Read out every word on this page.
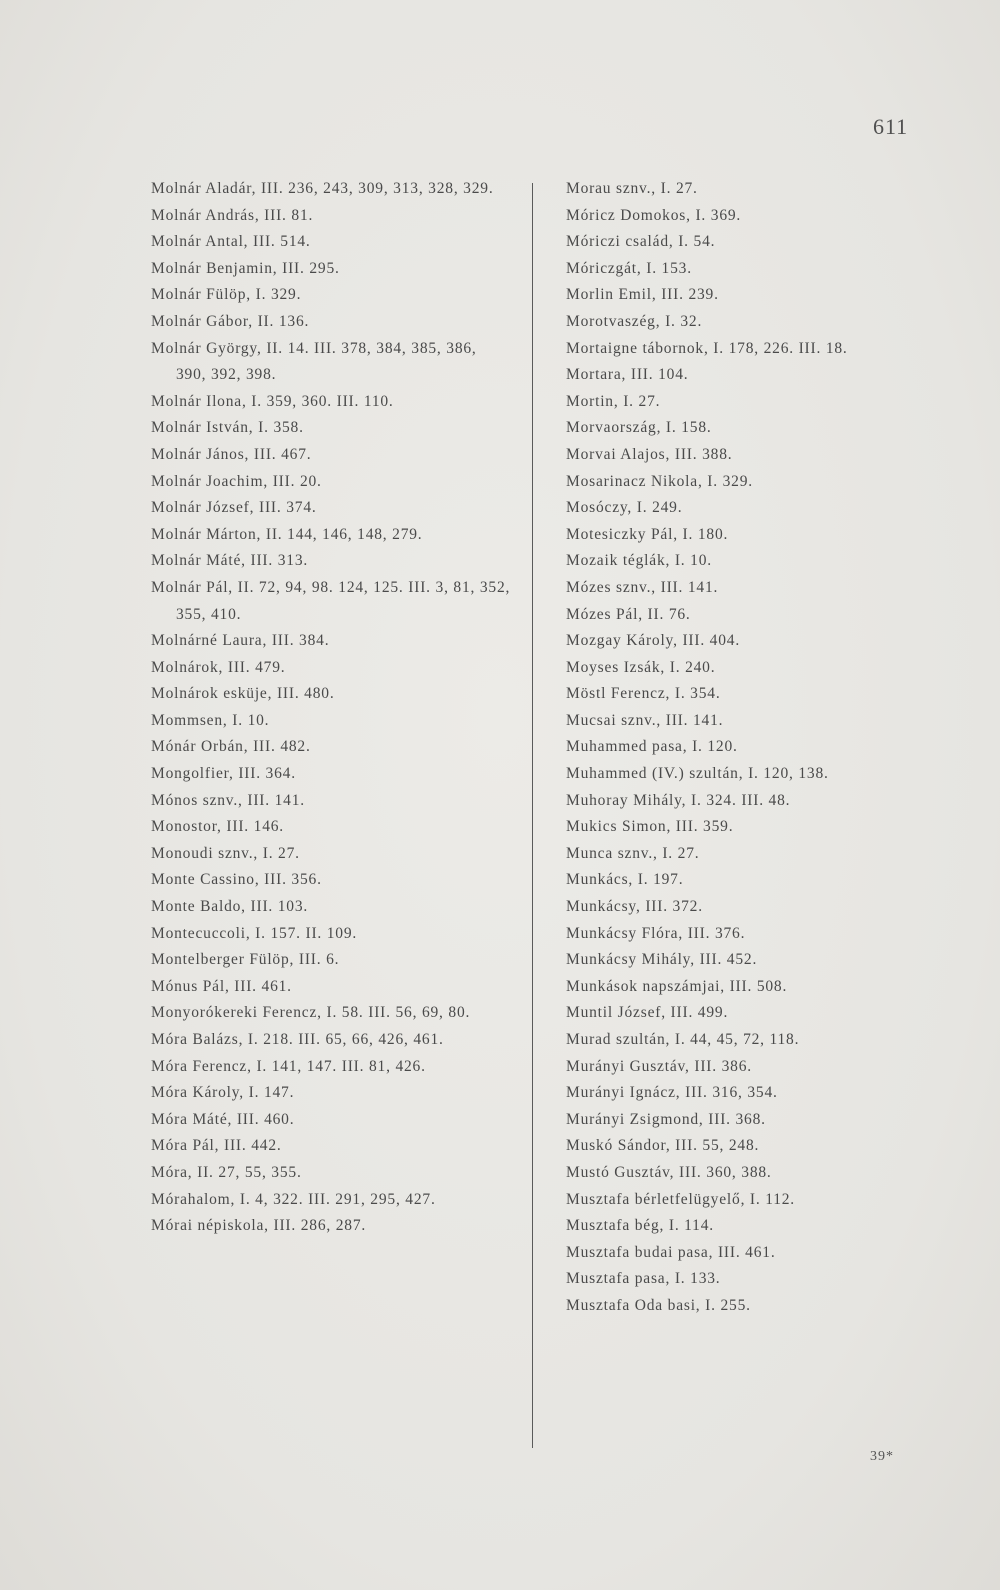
611
Molnár Aladár, III. 236, 243, 309, 313, 328, 329.
Molnár András, III. 81.
Molnár Antal, III. 514.
Molnár Benjamin, III. 295.
Molnár Fülöp, I. 329.
Molnár Gábor, II. 136.
Molnár György, II. 14. III. 378, 384, 385, 386, 390, 392, 398.
Molnár Ilona, I. 359, 360. III. 110.
Molnár István, I. 358.
Molnár János, III. 467.
Molnár Joachim, III. 20.
Molnár József, III. 374.
Molnár Márton, II. 144, 146, 148, 279.
Molnár Máté, III. 313.
Molnár Pál, II. 72, 94, 98. 124, 125. III. 3, 81, 352, 355, 410.
Molnárné Laura, III. 384.
Molnárok, III. 479.
Molnárok esküje, III. 480.
Mommsen, I. 10.
Mónár Orbán, III. 482.
Mongolfier, III. 364.
Mónos sznv., III. 141.
Monostor, III. 146.
Monoudi sznv., I. 27.
Monte Cassino, III. 356.
Monte Baldo, III. 103.
Montecuccoli, I. 157. II. 109.
Montelberger Fülöp, III. 6.
Mónus Pál, III. 461.
Monyorókereki Ferencz, I. 58. III. 56, 69, 80.
Móra Balázs, I. 218. III. 65, 66, 426, 461.
Móra Ferencz, I. 141, 147. III. 81, 426.
Móra Károly, I. 147.
Móra Máté, III. 460.
Móra Pál, III. 442.
Móra, II. 27, 55, 355.
Mórahalom, I. 4, 322. III. 291, 295, 427.
Mórai népiskola, III. 286, 287.
Morau sznv., I. 27.
Móricz Domokos, I. 369.
Móriczi család, I. 54.
Móriczgát, I. 153.
Morlin Emil, III. 239.
Morotvaszég, I. 32.
Mortaigne tábornok, I. 178, 226. III. 18.
Mortara, III. 104.
Mortin, I. 27.
Morvaország, I. 158.
Morvai Alajos, III. 388.
Mosarinacz Nikola, I. 329.
Mosóczy, I. 249.
Motesiczky Pál, I. 180.
Mozaik téglák, I. 10.
Mózes sznv., III. 141.
Mózes Pál, II. 76.
Mozgay Károly, III. 404.
Moyses Izsák, I. 240.
Möstl Ferencz, I. 354.
Mucsai sznv., III. 141.
Muhammed pasa, I. 120.
Muhammed (IV.) szultán, I. 120, 138.
Muhoray Mihály, I. 324. III. 48.
Mukics Simon, III. 359.
Munca sznv., I. 27.
Munkács, I. 197.
Munkácsy, III. 372.
Munkácsy Flóra, III. 376.
Munkácsy Mihály, III. 452.
Munkások napszámjai, III. 508.
Muntil József, III. 499.
Murad szultán, I. 44, 45, 72, 118.
Murányi Gusztáv, III. 386.
Murányi Ignácz, III. 316, 354.
Murányi Zsigmond, III. 368.
Muskó Sándor, III. 55, 248.
Mustó Gusztáv, III. 360, 388.
Musztafa bérletfelügyelő, I. 112.
Musztafa bég, I. 114.
Musztafa budai pasa, III. 461.
Musztafa pasa, I. 133.
Musztafa Oda basi, I. 255.
39*
